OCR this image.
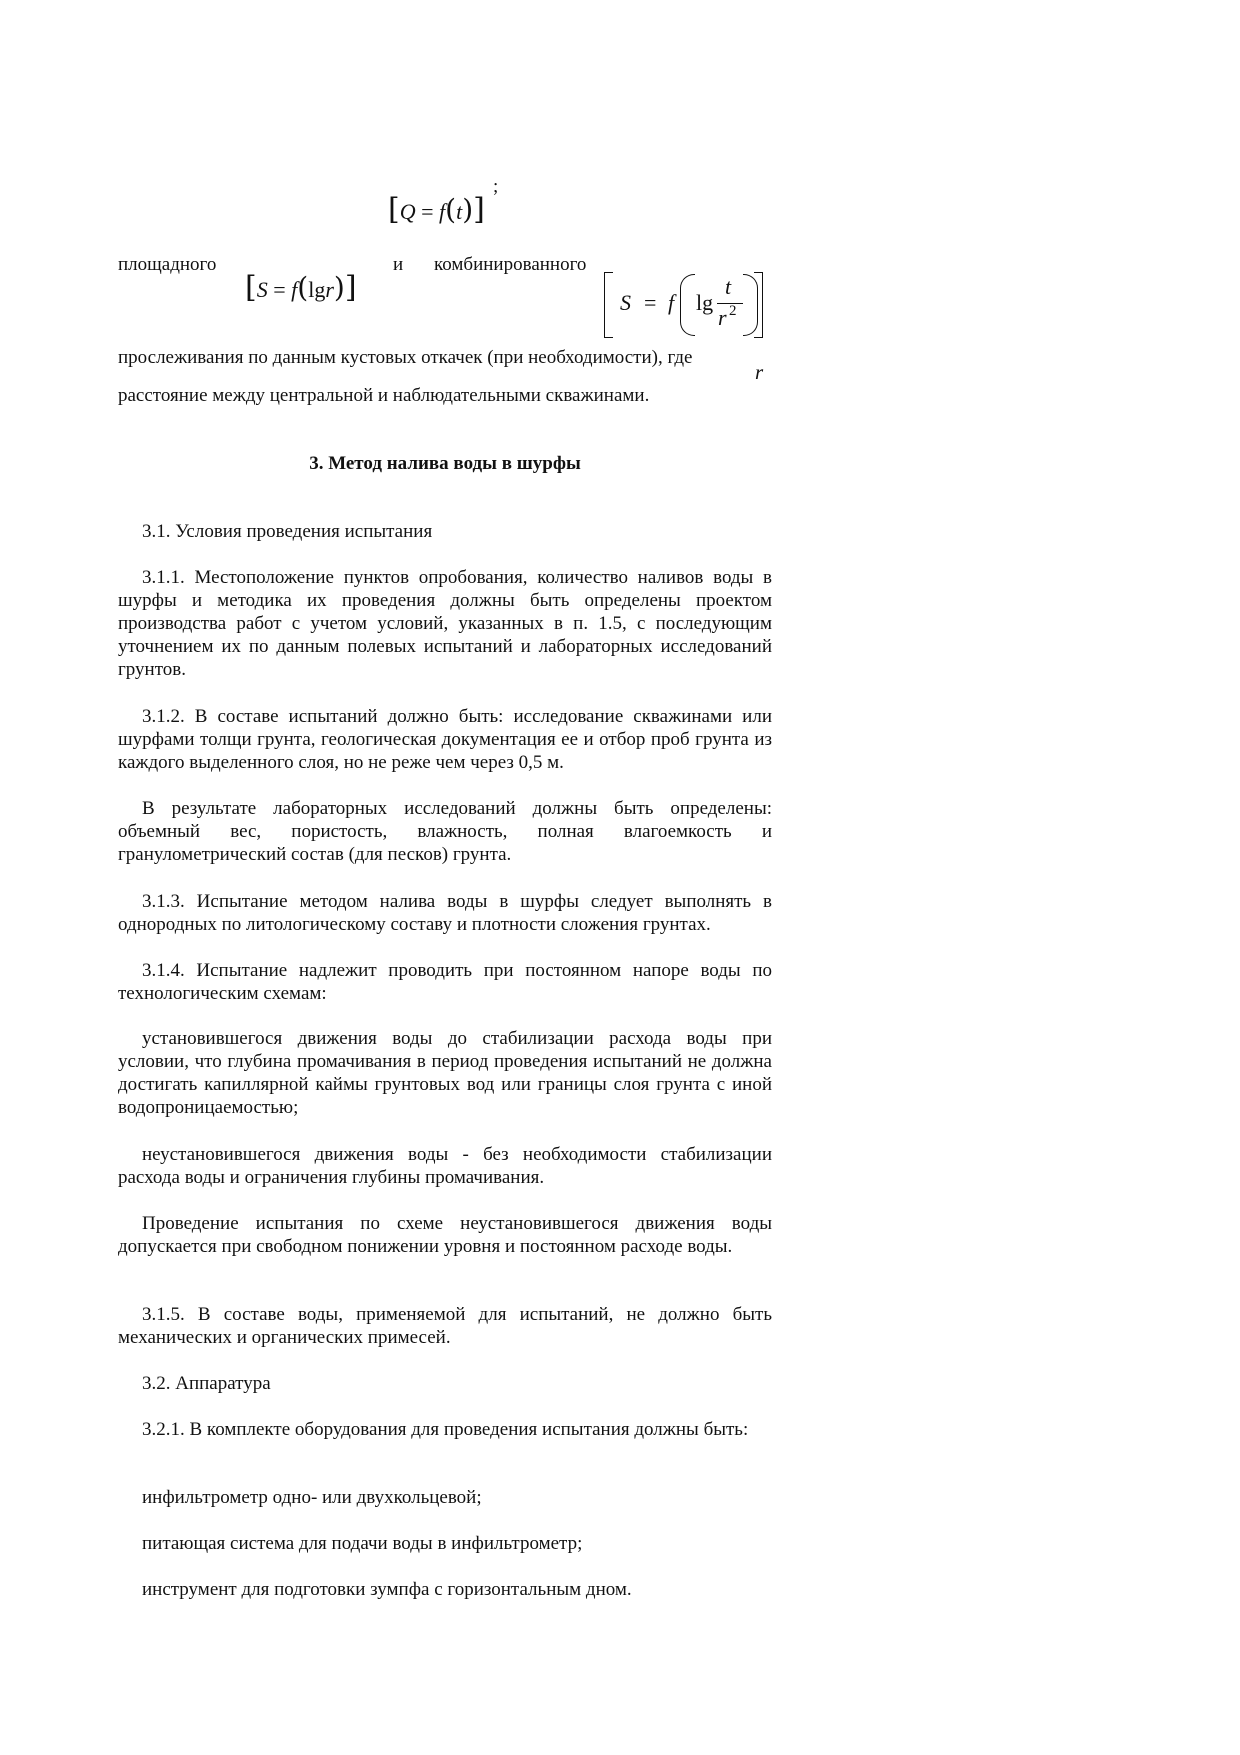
[Q = f(t)]
;
площадного
[S = f(lgr)]
и комбинированного
S = f lg
t
r 2
прослеживания по данным кустовых откачек (при необходимости), где
r
расстояние между центральной и наблюдательными скважинами.
3. Метод налива воды в шурфы
3.1. Условия проведения испытания

3.1.1. Местоположение пунктов опробования, количество наливов воды в шурфы и методика их проведения должны быть определены проектом производства работ с учетом условий, указанных в п. 1.5, с последующим уточнением их по данным полевых испытаний и лабораторных исследований грунтов.

3.1.2. В составе испытаний должно быть: исследование скважинами или шурфами толщи грунта, геологическая документация ее и отбор проб грунта из каждого выделенного слоя, но не реже чем через 0,5 м.

В результате лабораторных исследований должны быть определены: объемный вес, пористость, влажность, полная влагоемкость и гранулометрический состав (для песков) грунта.

3.1.3. Испытание методом налива воды в шурфы следует выполнять в однородных по литологическому составу и плотности сложения грунтах.

3.1.4. Испытание надлежит проводить при постоянном напоре воды по технологическим схемам:

установившегося движения воды до стабилизации расхода воды при условии, что глубина промачивания в период проведения испытаний не должна достигать капиллярной каймы грунтовых вод или границы слоя грунта с иной водопроницаемостью;

неустановившегося движения воды - без необходимости стабилизации расхода воды и ограничения глубины промачивания.

Проведение испытания по схеме неустановившегося движения воды допускается при свободном понижении уровня и постоянном расходе воды.

3.1.5. В составе воды, применяемой для испытаний, не должно быть механических и органических примесей.

3.2. Аппаратура

3.2.1. В комплекте оборудования для проведения испытания должны быть:

инфильтрометр одно- или двухкольцевой;
питающая система для подачи воды в инфильтрометр;
инструмент для подготовки зумпфа с горизонтальным дном.
